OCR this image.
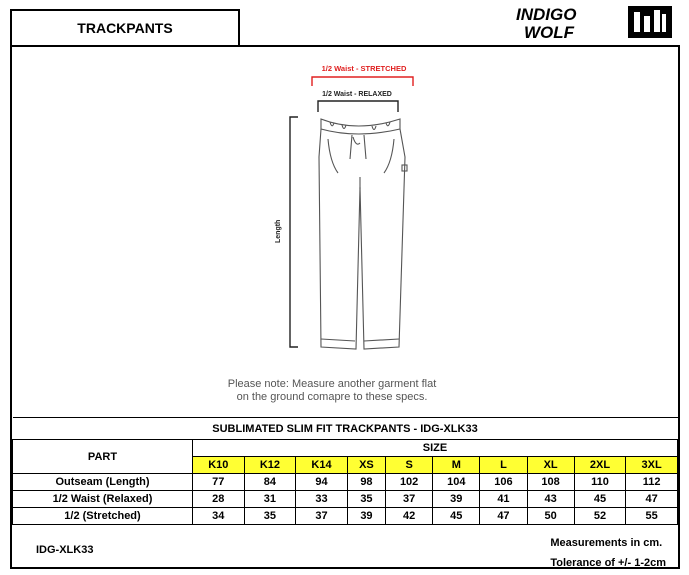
TRACKPANTS
INDIGO
WOLF
1/2 Waist - STRETCHED
1/2 Waist - RELAXED
Length
Please note: Measure another garment flat
on the ground comapre to these specs.
SUBLIMATED SLIM FIT TRACKPANTS - IDG-XLK33										
PART	SIZE									
	K10	K12	K14	XS	S	M	L	XL	2XL	3XL
Outseam (Length)	77	84	94	98	102	104	106	108	110	112
1/2 Waist (Relaxed)	28	31	33	35	37	39	41	43	45	47
1/2 (Stretched)	34	35	37	39	42	45	47	50	52	55
IDG-XLK33
Measurements in cm.
Tolerance of +/- 1-2cm
